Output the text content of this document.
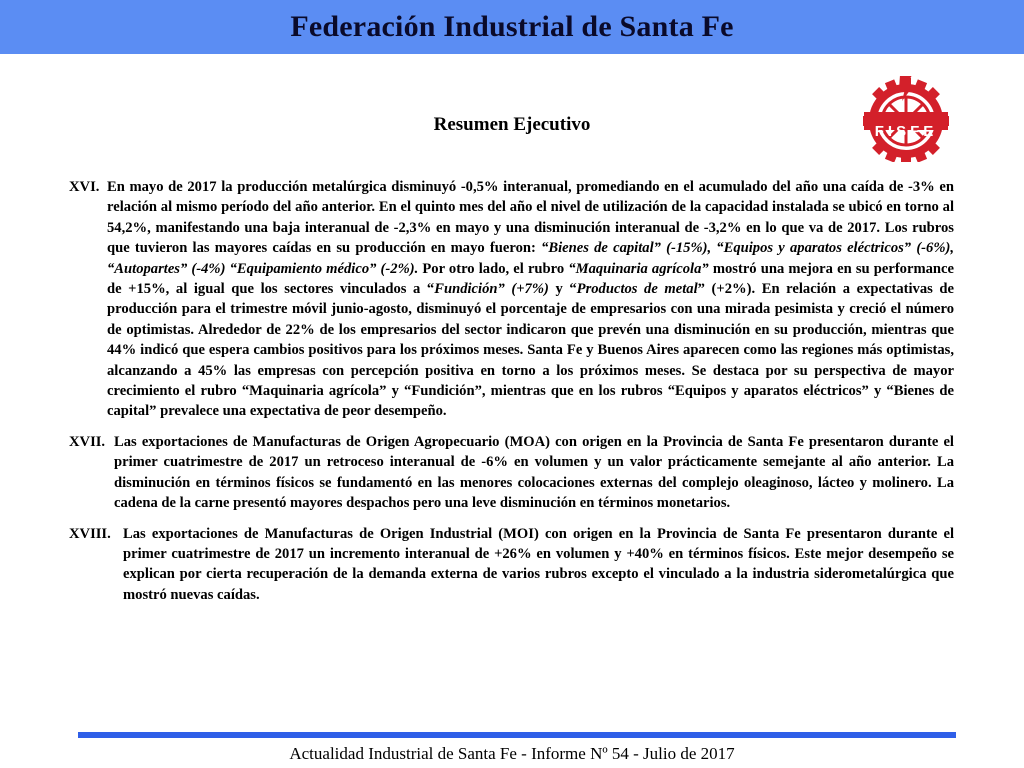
Federación Industrial de Santa Fe
Resumen Ejecutivo	FISFE
XVI. En mayo de 2017 la producción metalúrgica disminuyó -0,5% interanual, promediando en el acumulado del año una caída de -3% en relación al mismo período del año anterior. En el quinto mes del año el nivel de utilización de la capacidad instalada se ubicó en torno al 54,2%, manifestando una baja interanual de -2,3% en mayo y una disminución interanual de -3,2% en lo que va de 2017. Los rubros que tuvieron las mayores caídas en su producción en mayo fueron: “Bienes de capital” (-15%), “Equipos y aparatos eléctricos” (-6%), “Autopartes” (-4%) “Equipamiento médico” (-2%). Por otro lado, el rubro “Maquinaria agrícola” mostró una mejora en su performance de +15%, al igual que los sectores vinculados a “Fundición” (+7%) y “Productos de metal” (+2%). En relación a expectativas de producción para el trimestre móvil junio-agosto, disminuyó el porcentaje de empresarios con una mirada pesimista y creció el número de optimistas. Alrededor de 22% de los empresarios del sector indicaron que prevén una disminución en su producción, mientras que 44% indicó que espera cambios positivos para los próximos meses. Santa Fe y Buenos Aires aparecen como las regiones más optimistas, alcanzando a 45% las empresas con percepción positiva en torno a los próximos meses. Se destaca por su perspectiva de mayor crecimiento el rubro “Maquinaria agrícola” y “Fundición”, mientras que en los rubros “Equipos y aparatos eléctricos” y “Bienes de capital” prevalece una expectativa de peor desempeño.
XVII. Las exportaciones de Manufacturas de Origen Agropecuario (MOA) con origen en la Provincia de Santa Fe presentaron durante el primer cuatrimestre de 2017 un retroceso interanual de -6% en volumen y un valor prácticamente semejante al año anterior. La disminución en términos físicos se fundamentó en las menores colocaciones externas del complejo oleaginoso, lácteo y molinero. La cadena de la carne presentó mayores despachos pero una leve disminución en términos monetarios.
XVIII. Las exportaciones de Manufacturas de Origen Industrial (MOI) con origen en la Provincia de Santa Fe presentaron durante el primer cuatrimestre de 2017 un incremento interanual de +26% en volumen y +40% en términos físicos. Este mejor desempeño se explican por cierta recuperación de la demanda externa de varios rubros excepto el vinculado a la industria siderometalúrgica que mostró nuevas caídas.
Actualidad Industrial de Santa Fe - Informe Nº 54 - Julio de 2017
